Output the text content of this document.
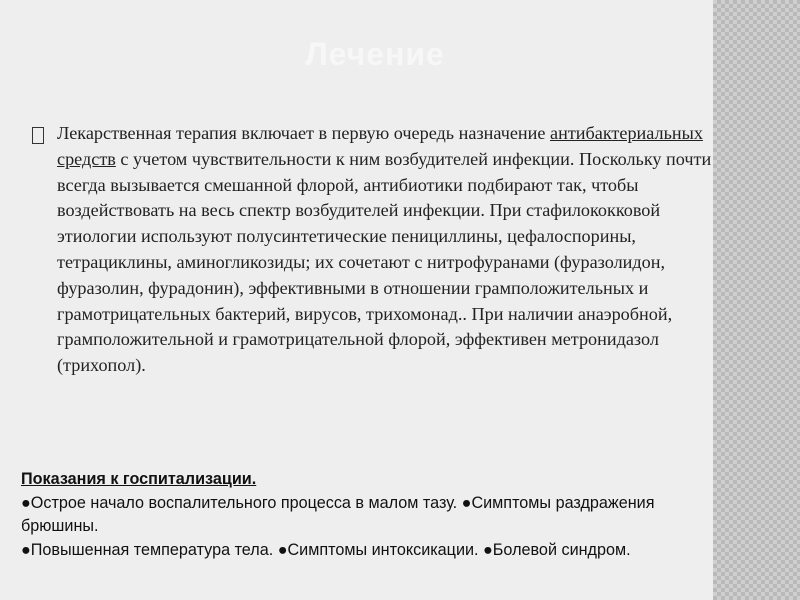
Лечение

Лекарственная терапия включает в первую очередь назначение антибактериальных средств с учетом чувствительности к ним возбудителей инфекции. Поскольку почти всегда вызывается смешанной флорой, антибиотики подбирают так, чтобы воздействовать на весь спектр возбудителей инфекции. При стафилококковой этиологии используют полусинтетические пенициллины, цефалоспорины, тетрациклины, аминогликозиды; их сочетают с нитрофуранами (фуразолидон, фуразолин, фурадонин), эффективными в отношении грамположительных и грамотрицательных бактерий, вирусов, трихомонад.. При наличии анаэробной, грамположительной и грамотрицательной флорой, эффективен метронидазол (трихопол).

Показания к госпитализации.
●Острое начало воспалительного процесса в малом тазу. ●Симптомы раздражения брюшины.
●Повышенная температура тела. ●Симптомы интоксикации. ●Болевой синдром.
